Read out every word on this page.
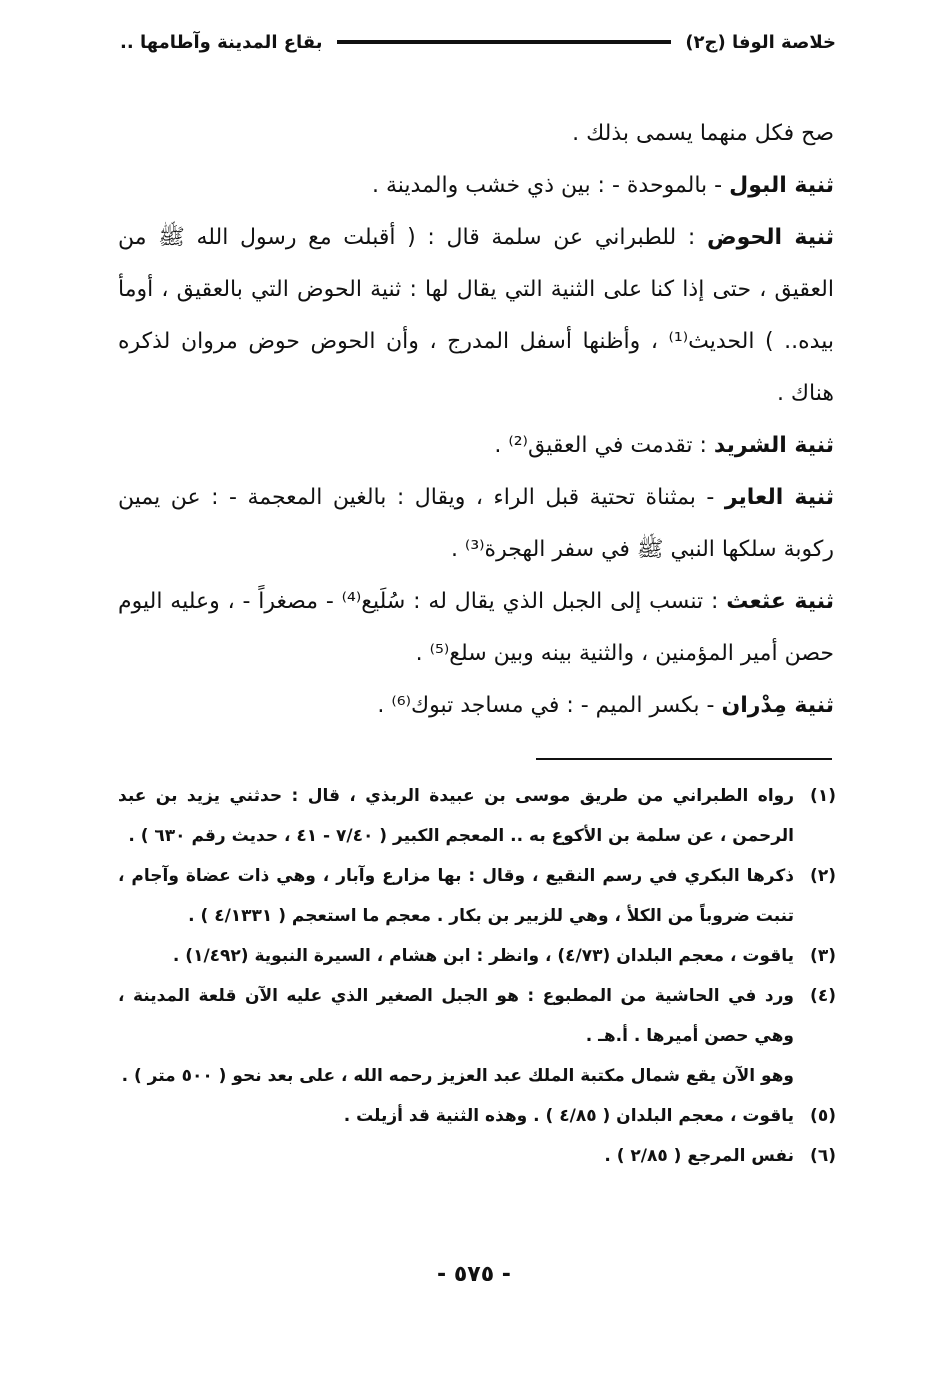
خلاصة الوفا (ج٢)
بقاع المدينة وآطامها ..

صح فكل منهما يسمى بذلك .

ثنية البول - بالموحدة - : بين ذي خشب والمدينة .

ثنية الحوض : للطبراني عن سلمة قال : ( أقبلت مع رسول الله ﷺ من العقيق ، حتى إذا كنا على الثنية التي يقال لها : ثنية الحوض التي بالعقيق ، أومأ بيده.. ) الحديث⁽¹⁾ ، وأظنها أسفل المدرج ، وأن الحوض حوض مروان لذكره هناك .

ثنية الشريد : تقدمت في العقيق⁽²⁾ .

ثنية العاير - بمثناة تحتية قبل الراء ، ويقال : بالغين المعجمة - : عن يمين ركوبة سلكها النبي ﷺ في سفر الهجرة⁽³⁾ .

ثنية عثعث : تنسب إلى الجبل الذي يقال له : سُلَيع⁽⁴⁾ - مصغراً - ، وعليه اليوم حصن أمير المؤمنين ، والثنية بينه وبين سلع⁽⁵⁾ .

ثنية مِدْران - بكسر الميم - : في مساجد تبوك⁽⁶⁾ .

(١)
رواه الطبراني من طريق موسى بن عبيدة الربذي ، قال : حدثني يزيد بن عبد الرحمن ، عن سلمة بن الأكوع به .. المعجم الكبير ( ٧/٤٠ - ٤١ ، حديث رقم ٦٣٠ ) .
(٢)
ذكرها البكري في رسم النقيع ، وقال : بها مزارع وآبار ، وهي ذات عضاة وآجام ، تنبت ضروباً من الكلأ ، وهي للزبير بن بكار . معجم ما استعجم ( ٤/١٣٣١ ) .
(٣)
ياقوت ، معجم البلدان (٤/٧٣) ، وانظر : ابن هشام ، السيرة النبوية (١/٤٩٢) .
(٤)
ورد في الحاشية من المطبوع : هو الجبل الصغير الذي عليه الآن قلعة المدينة ، وهي حصن أميرها . أ.هـ .
وهو الآن يقع شمال مكتبة الملك عبد العزيز رحمه الله ، على بعد نحو ( ٥٠٠ متر ) .
(٥)
ياقوت ، معجم البلدان ( ٤/٨٥ ) . وهذه الثنية قد أزيلت .
(٦)
نفس المرجع ( ٢/٨٥ ) .
- ٥٧٥ -
